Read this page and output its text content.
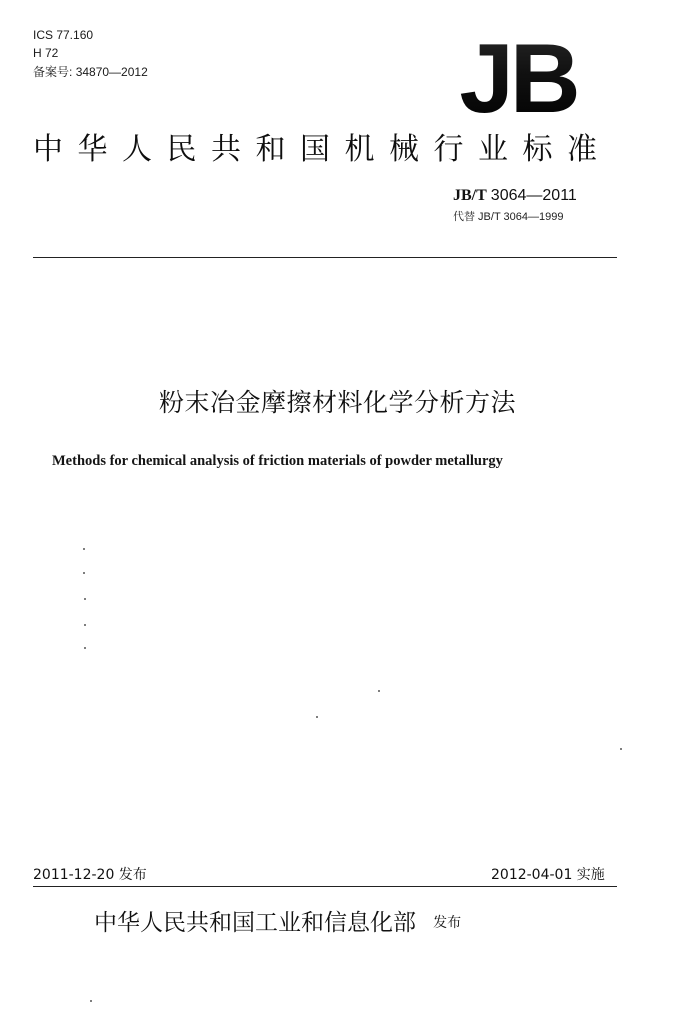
ICS 77.160
H 72
备案号: 34870—2012	JB
中华人民共和国机械行业标准
JB/T 3064—2011
代替 JB/T 3064—1999
粉末冶金摩擦材料化学分析方法
Methods for chemical analysis of friction materials of powder metallurgy
2011-12-20 发布	2012-04-01 实施
中华人民共和国工业和信息化部 发布
